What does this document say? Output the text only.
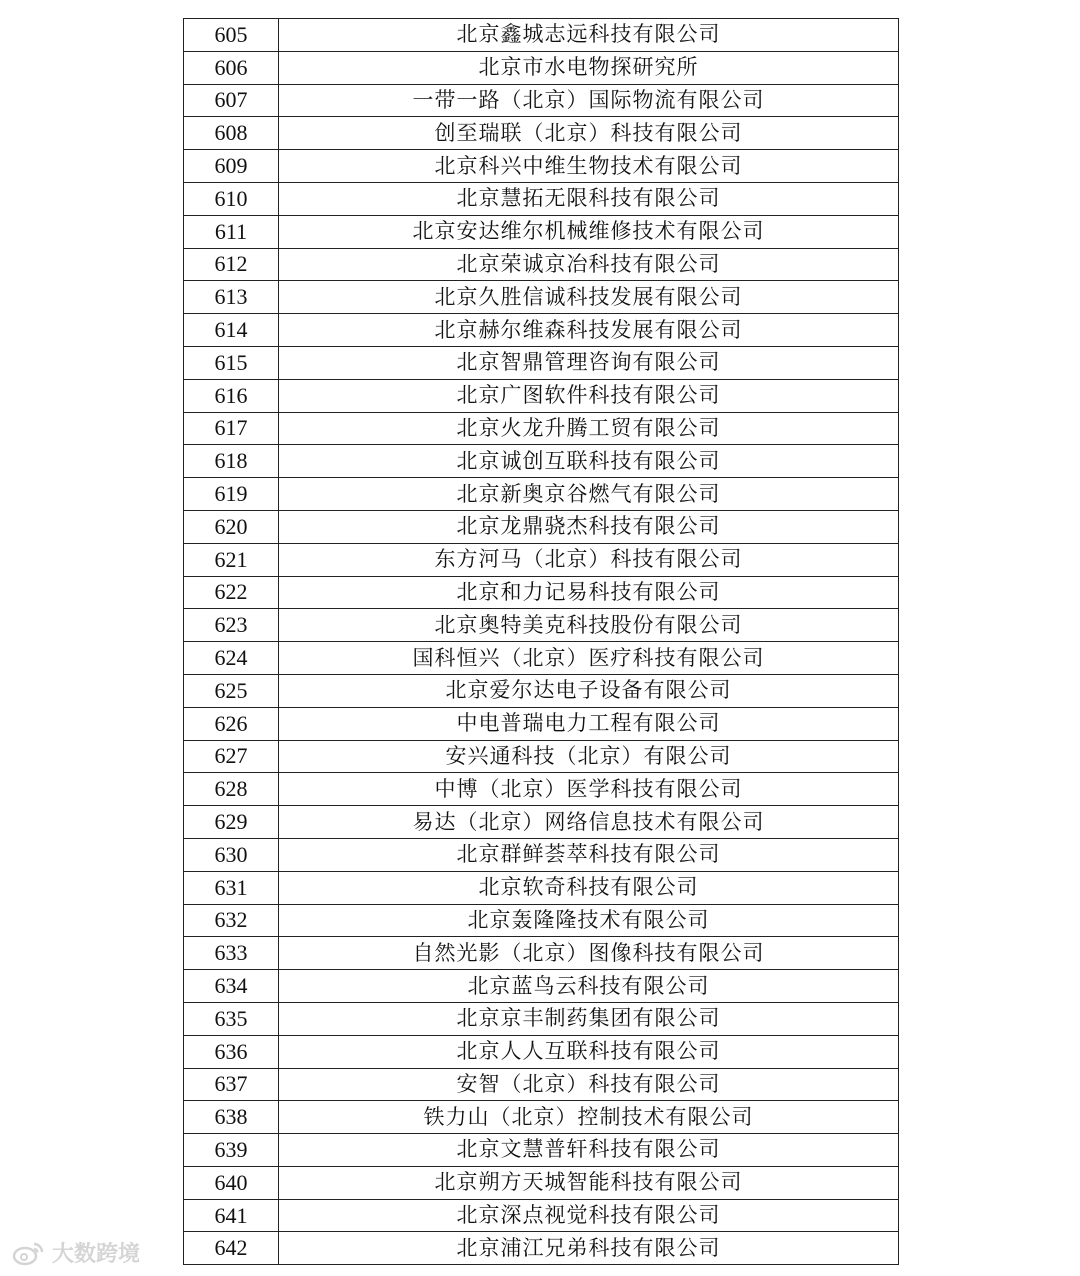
605	北京鑫城志远科技有限公司
606	北京市水电物探研究所
607	一带一路（北京）国际物流有限公司
608	创至瑞联（北京）科技有限公司
609	北京科兴中维生物技术有限公司
610	北京慧拓无限科技有限公司
611	北京安达维尔机械维修技术有限公司
612	北京荣诚京冶科技有限公司
613	北京久胜信诚科技发展有限公司
614	北京赫尔维森科技发展有限公司
615	北京智鼎管理咨询有限公司
616	北京广图软件科技有限公司
617	北京火龙升腾工贸有限公司
618	北京诚创互联科技有限公司
619	北京新奥京谷燃气有限公司
620	北京龙鼎骁杰科技有限公司
621	东方河马（北京）科技有限公司
622	北京和力记易科技有限公司
623	北京奥特美克科技股份有限公司
624	国科恒兴（北京）医疗科技有限公司
625	北京爱尔达电子设备有限公司
626	中电普瑞电力工程有限公司
627	安兴通科技（北京）有限公司
628	中博（北京）医学科技有限公司
629	易达（北京）网络信息技术有限公司
630	北京群鲜荟萃科技有限公司
631	北京软奇科技有限公司
632	北京轰隆隆技术有限公司
633	自然光影（北京）图像科技有限公司
634	北京蓝鸟云科技有限公司
635	北京京丰制药集团有限公司
636	北京人人互联科技有限公司
637	安智（北京）科技有限公司
638	铁力山（北京）控制技术有限公司
639	北京文慧普轩科技有限公司
640	北京朔方天城智能科技有限公司
641	北京深点视觉科技有限公司
642	北京浦江兄弟科技有限公司
大数跨境
